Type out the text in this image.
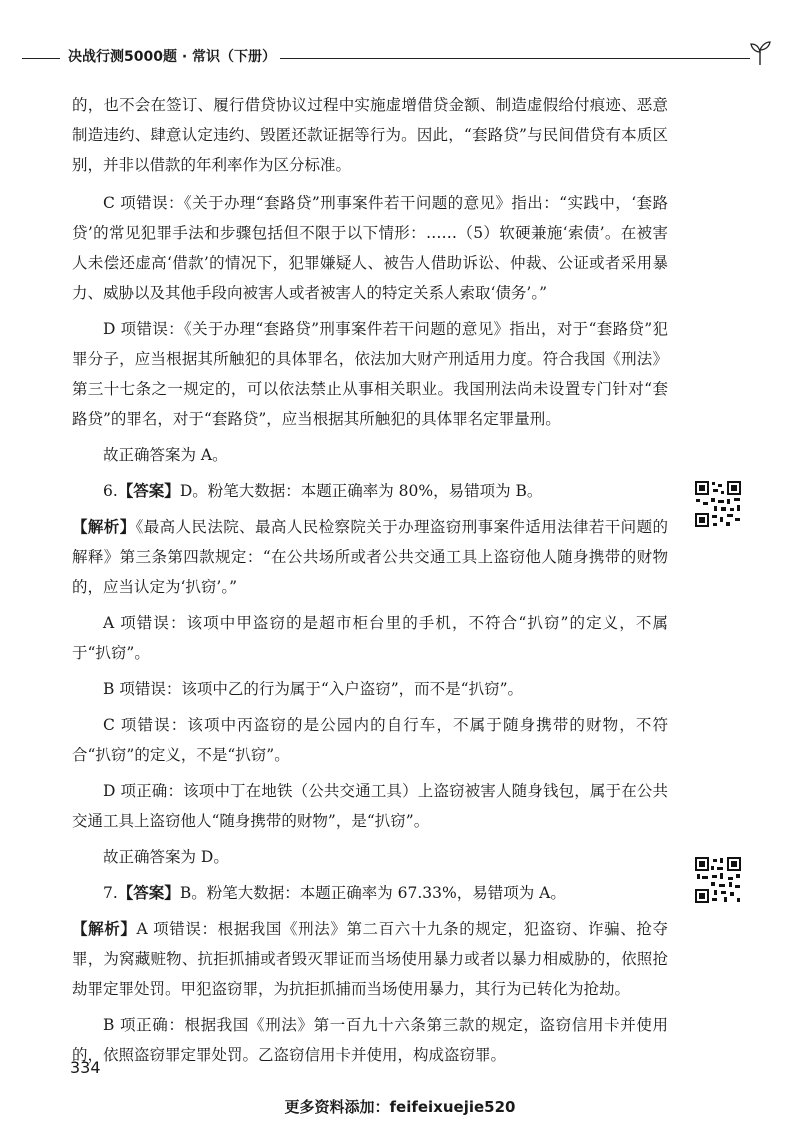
决战行测5000题 · 常识（下册）

的，也不会在签订、履行借贷协议过程中实施虚增借贷金额、制造虚假给付痕迹、恶意制造违约、肆意认定违约、毁匿还款证据等行为。因此，“套路贷”与民间借贷有本质区别，并非以借款的年利率作为区分标准。

C 项错误：《关于办理“套路贷”刑事案件若干问题的意见》指出：“实践中，‘套路贷’的常见犯罪手法和步骤包括但不限于以下情形：……（5）软硬兼施‘索债’。在被害人未偿还虚高‘借款’的情况下，犯罪嫌疑人、被告人借助诉讼、仲裁、公证或者采用暴力、威胁以及其他手段向被害人或者被害人的特定关系人索取‘债务’。”

D 项错误：《关于办理“套路贷”刑事案件若干问题的意见》指出，对于“套路贷”犯罪分子，应当根据其所触犯的具体罪名，依法加大财产刑适用力度。符合我国《刑法》第三十七条之一规定的，可以依法禁止从事相关职业。我国刑法尚未设置专门针对“套路贷”的罪名，对于“套路贷”，应当根据其所触犯的具体罪名定罪量刑。

故正确答案为 A。

6.【答案】D。粉笔大数据：本题正确率为 80%，易错项为 B。

【解析】《最高人民法院、最高人民检察院关于办理盗窃刑事案件适用法律若干问题的解释》第三条第四款规定：“在公共场所或者公共交通工具上盗窃他人随身携带的财物的，应当认定为‘扒窃’。”

A 项错误：该项中甲盗窃的是超市柜台里的手机，不符合“扒窃”的定义，不属于“扒窃”。

B 项错误：该项中乙的行为属于“入户盗窃”，而不是“扒窃”。

C 项错误：该项中丙盗窃的是公园内的自行车，不属于随身携带的财物，不符合“扒窃”的定义，不是“扒窃”。

D 项正确：该项中丁在地铁（公共交通工具）上盗窃被害人随身钱包，属于在公共交通工具上盗窃他人“随身携带的财物”，是“扒窃”。

故正确答案为 D。

7.【答案】B。粉笔大数据：本题正确率为 67.33%，易错项为 A。

【解析】A 项错误：根据我国《刑法》第二百六十九条的规定，犯盗窃、诈骗、抢夺罪，为窝藏赃物、抗拒抓捕或者毁灭罪证而当场使用暴力或者以暴力相威胁的，依照抢劫罪定罪处罚。甲犯盗窃罪，为抗拒抓捕而当场使用暴力，其行为已转化为抢劫。

B 项正确：根据我国《刑法》第一百九十六条第三款的规定，盗窃信用卡并使用的，依照盗窃罪定罪处罚。乙盗窃信用卡并使用，构成盗窃罪。

334
更多资料添加：feifeixuejie520
